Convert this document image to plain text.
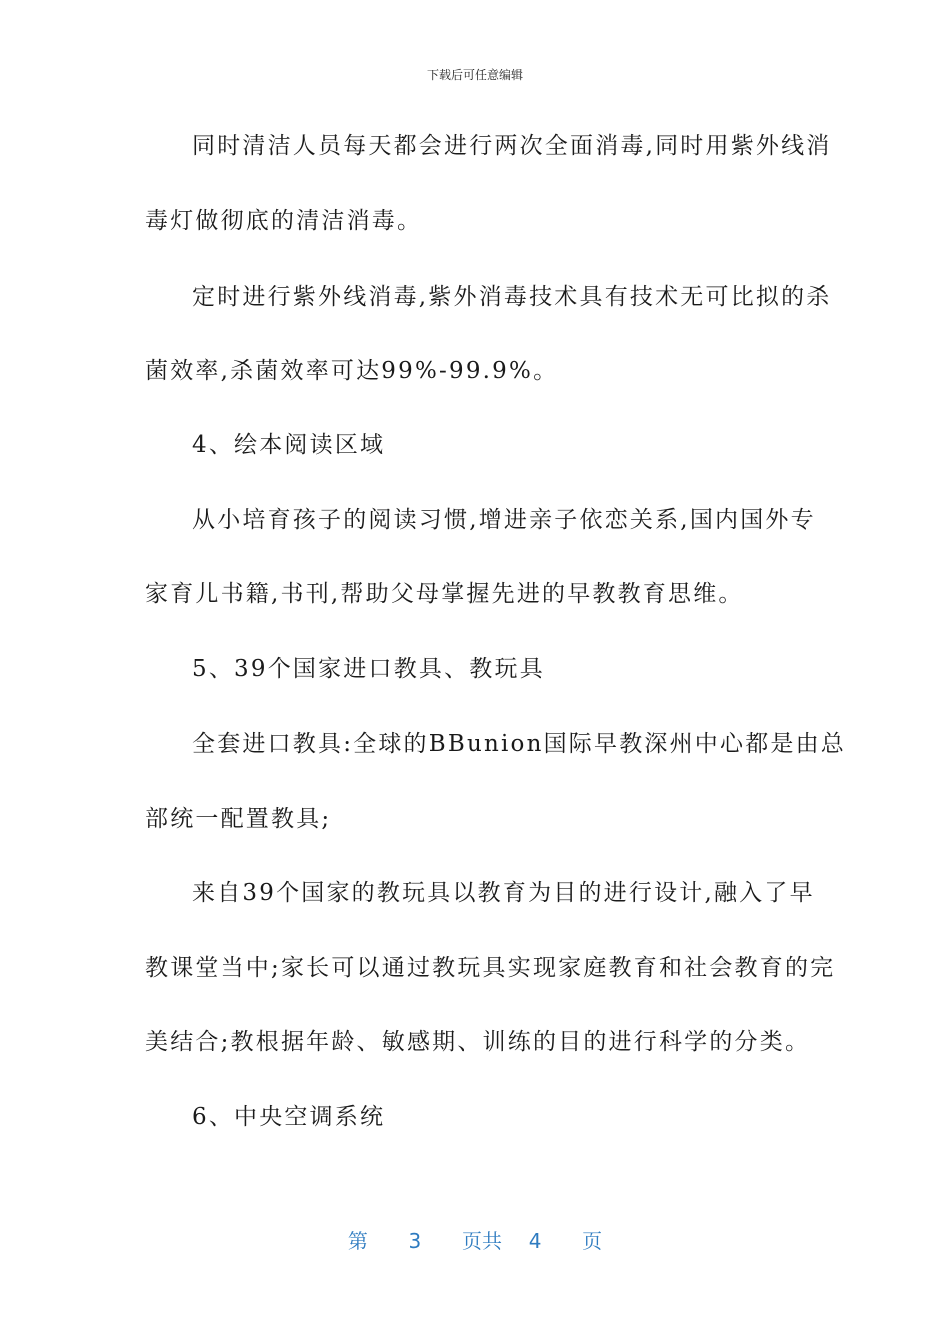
下载后可任意编辑
同时清洁人员每天都会进行两次全面消毒,同时用紫外线消
毒灯做彻底的清洁消毒。
定时进行紫外线消毒,紫外消毒技术具有技术无可比拟的杀
菌效率,杀菌效率可达99%-99.9%。
4、绘本阅读区域
从小培育孩子的阅读习惯,增进亲子依恋关系,国内国外专
家育儿书籍,书刊,帮助父母掌握先进的早教教育思维。
5、39个国家进口教具、教玩具
全套进口教具:全球的BBunion国际早教深州中心都是由总
部统一配置教具;
来自39个国家的教玩具以教育为目的进行设计,融入了早
教课堂当中;家长可以通过教玩具实现家庭教育和社会教育的完
美结合;教根据年龄、敏感期、训练的目的进行科学的分类。
6、中央空调系统
第 3 页共 4 页
